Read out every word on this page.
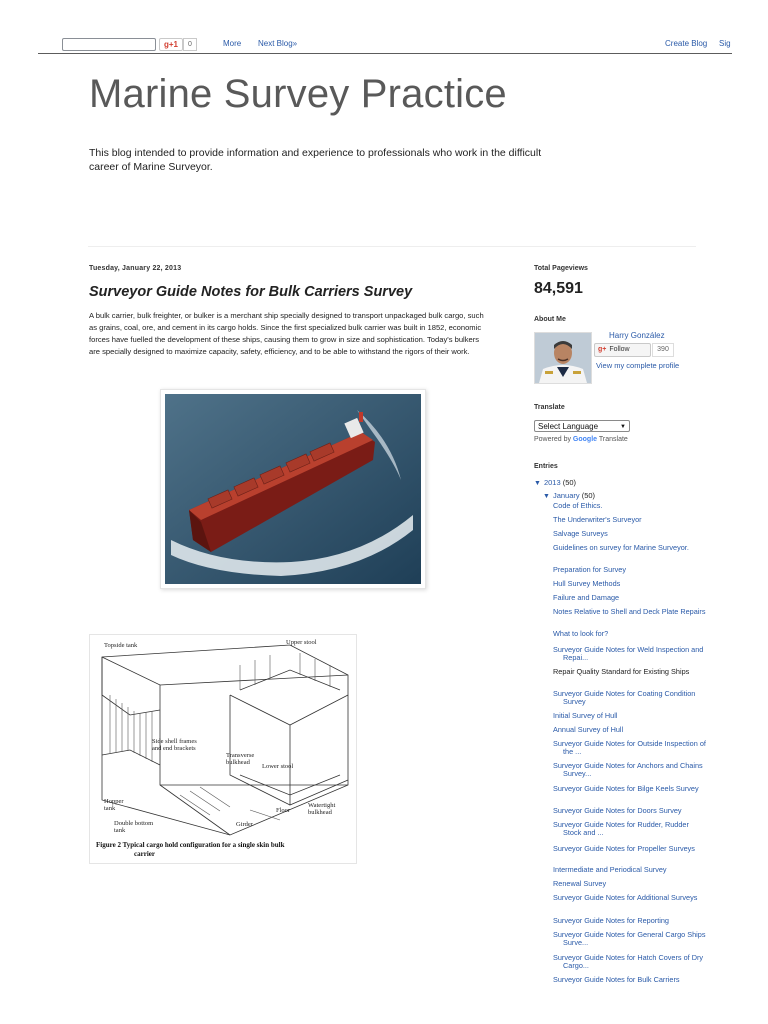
g+1	0	More Next Blog»	Create Blog Sig
Marine Survey Practice
This blog intended to provide information and experience to professionals who work in the difficult career of Marine Surveyor.
Tuesday, January 22, 2013
Surveyor Guide Notes for Bulk Carriers Survey
A bulk carrier, bulk freighter, or bulker is a merchant ship specially designed to transport unpackaged bulk cargo, such as grains, coal, ore, and cement in its cargo holds. Since the first specialized bulk carrier was built in 1852, economic forces have fuelled the development of these ships, causing them to grow in size and sophistication. Today's bulkers are specially designed to maximize capacity, safety, efficiency, and to be able to withstand the rigors of their work.
Topside tank	Upper stool
Side shell frames
and end brackets
Transverse
bulkhead
Lower stool
Hopper
tank
Double bottom
tank
Girder
Floor
Watertight
bulkhead
Figure 2 Typical cargo hold configuration for a single skin bulk
carrier
Total Pageviews
84,591
About Me
Harry González
g+ Follow	390
View my complete profile
Translate
Select Language	▼
Powered by Google Translate
Entries
▼ 2013 (50)
▼ January (50)
Code of Ethics.
The Underwriter's Surveyor
Salvage Surveys
Guidelines on survey for Marine Surveyor.
Preparation for Survey
Hull Survey Methods
Failure and Damage
Notes Relative to Shell and Deck Plate Repairs
What to look for?
Surveyor Guide Notes for Weld Inspection and Repai...
Repair Quality Standard for Existing Ships
Surveyor Guide Notes for Coating Condition Survey
Initial Survey of Hull
Annual Survey of Hull
Surveyor Guide Notes for Outside Inspection of the ...
Surveyor Guide Notes for Anchors and Chains Survey...
Surveyor Guide Notes for Bilge Keels Survey
Surveyor Guide Notes for Doors Survey
Surveyor Guide Notes for Rudder, Rudder Stock and ...
Surveyor Guide Notes for Propeller Surveys
Intermediate and Periodical Survey
Renewal Survey
Surveyor Guide Notes for Additional Surveys
Surveyor Guide Notes for Reporting
Surveyor Guide Notes for General Cargo Ships Surve...
Surveyor Guide Notes for Hatch Covers of Dry Cargo...
Surveyor Guide Notes for Bulk Carriers
